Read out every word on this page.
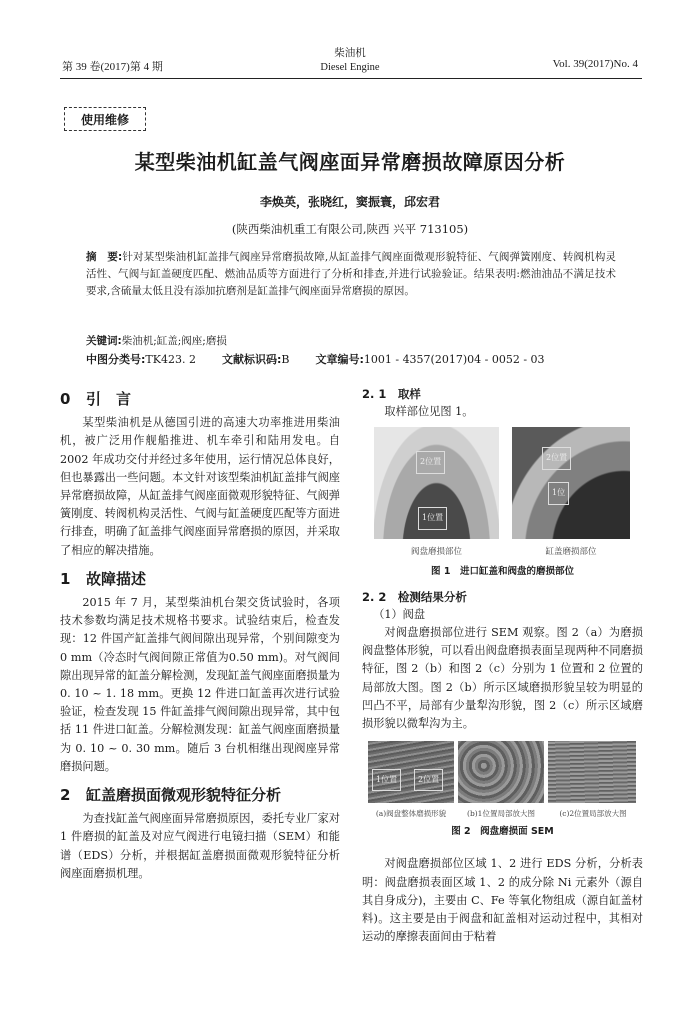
第 39 卷(2017)第 4 期
柴油机
Diesel Engine	Vol. 39(2017)No. 4
使用维修
某型柴油机缸盖气阀座面异常磨损故障原因分析
李焕英，张晓红，窦振寰，邱宏君
(陕西柴油机重工有限公司,陕西 兴平 713105)
摘　要:针对某型柴油机缸盖排气阀座异常磨损故障,从缸盖排气阀座面微观形貌特征、气阀弹簧刚度、转阀机构灵活性、气阀与缸盖硬度匹配、燃油品质等方面进行了分析和排查,并进行试验验证。结果表明:燃油油品不满足技术要求,含硫量太低且没有添加抗磨剂是缸盖排气阀座面异常磨损的原因。
关键词:柴油机;缸盖;阀座;磨损
中图分类号:TK423. 2 文献标识码:B 文章编号:1001 - 4357(2017)04 - 0052 - 03
0 引　言

某型柴油机是从德国引进的高速大功率推进用柴油机，被广泛用作舰船推进、机车牵引和陆用发电。自 2002 年成功交付并经过多年使用，运行情况总体良好，但也暴露出一些问题。本文针对该型柴油机缸盖排气阀座异常磨损故障，从缸盖排气阀座面微观形貌特征、气阀弹簧刚度、转阀机构灵活性、气阀与缸盖硬度匹配等方面进行排查，明确了缸盖排气阀座面异常磨损的原因，并采取了相应的解决措施。

1 故障描述

2015 年 7 月，某型柴油机台架交货试验时，各项技术参数均满足技术规格书要求。试验结束后，检查发现：12 件国产缸盖排气阀间隙出现异常，个别间隙变为 0 mm（冷态时气阀间隙正常值为0.50 mm)。对气阀间隙出现异常的缸盖分解检测，发现缸盖气阀座面磨损量为 0. 10 ~ 1. 18 mm。更换 12 件进口缸盖再次进行试验验证，检查发现 15 件缸盖排气阀间隙出现异常，其中包括 11 件进口缸盖。分解检测发现：缸盖气阀座面磨损量为 0. 10 ~ 0. 30 mm。随后 3 台机相继出现阀座异常磨损问题。

2 缸盖磨损面微观形貌特征分析

为查找缸盖气阀座面异常磨损原因，委托专业厂家对 1 件磨损的缸盖及对应气阀进行电镜扫描（SEM）和能谱（EDS）分析，并根据缸盖磨损面微观形貌特征分析阀座面磨损机理。

2. 1　取样

取样部位见图 1。

2位置
1位置
2位置
1位
阀盘磨损部位	缸盖磨损部位
图 1　进口缸盖和阀盘的磨损部位
2. 2　检测结果分析
（1）阀盘

对阀盘磨损部位进行 SEM 观察。图 2（a）为磨损阀盘整体形貌，可以看出阀盘磨损表面呈现两种不同磨损特征，图 2（b）和图 2（c）分别为 1 位置和 2 位置的局部放大图。图 2（b）所示区域磨损形貌呈较为明显的凹凸不平，局部有少量犁沟形貌，图 2（c）所示区域磨损形貌以微犁沟为主。

1位置	2位置
(a)阀盘整体磨损形貌	(b)1位置局部放大图	(c)2位置局部放大图
图 2　阀盘磨损面 SEM

对阀盘磨损部位区域 1、2 进行 EDS 分析，分析表明：阀盘磨损表面区域 1、2 的成分除 Ni 元素外（源自其自身成分)，主要由 C、Fe 等氧化物组成（源自缸盖材料)。这主要是由于阀盘和缸盖相对运动过程中，其相对运动的摩擦表面间由于粘着
